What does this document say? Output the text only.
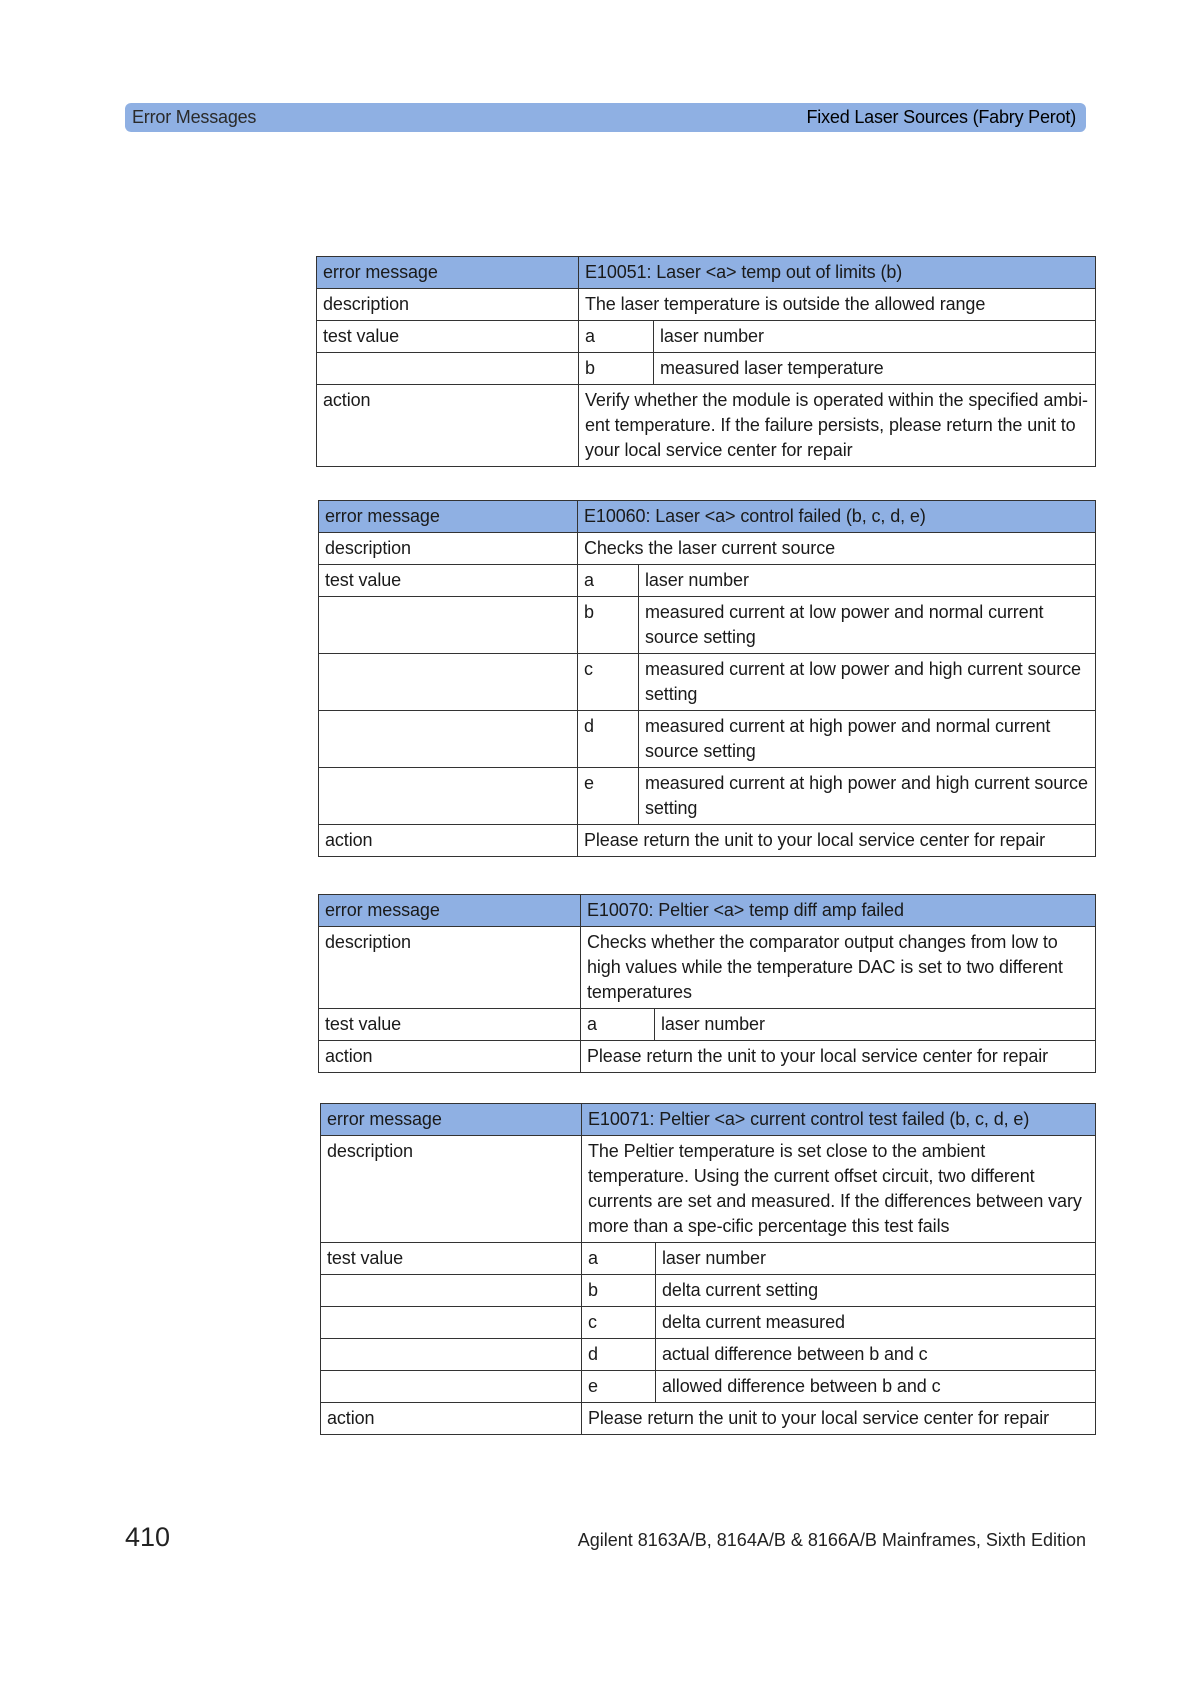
Error Messages	Fixed Laser Sources (Fabry Perot)
error message	E10051: Laser <a> temp out of limits (b)	
description	The laser temperature is outside the allowed range	
test value	a	laser number
	b	measured laser temperature
action	Verify whether the module is operated within the specified ambi-ent temperature. If the failure persists, please return the unit to your local service center for repair	
error message	E10060: Laser <a> control failed (b, c, d, e)	
description	Checks the laser current source	
test value	a	laser number
	b	measured current at low power and normal current source setting
	c	measured current at low power and high current source setting
	d	measured current at high power and normal current source setting
	e	measured current at high power and high current source setting
action	Please return the unit to your local service center for repair	
error message	E10070: Peltier <a> temp diff amp failed	
description	Checks whether the comparator output changes from low to high values while the temperature DAC is set to two different temperatures	
test value	a	laser number
action	Please return the unit to your local service center for repair	
error message	E10071: Peltier <a> current control test failed (b, c, d, e)	
description	The Peltier temperature is set close to the ambient temperature. Using the current offset circuit, two different currents are set and measured. If the differences between vary more than a spe-cific percentage this test fails	
test value	a	laser number
	b	delta current setting
	c	delta current measured
	d	actual difference between b and c
	e	allowed difference between b and c
action	Please return the unit to your local service center for repair	
410	Agilent 8163A/B, 8164A/B & 8166A/B Mainframes, Sixth Edition
